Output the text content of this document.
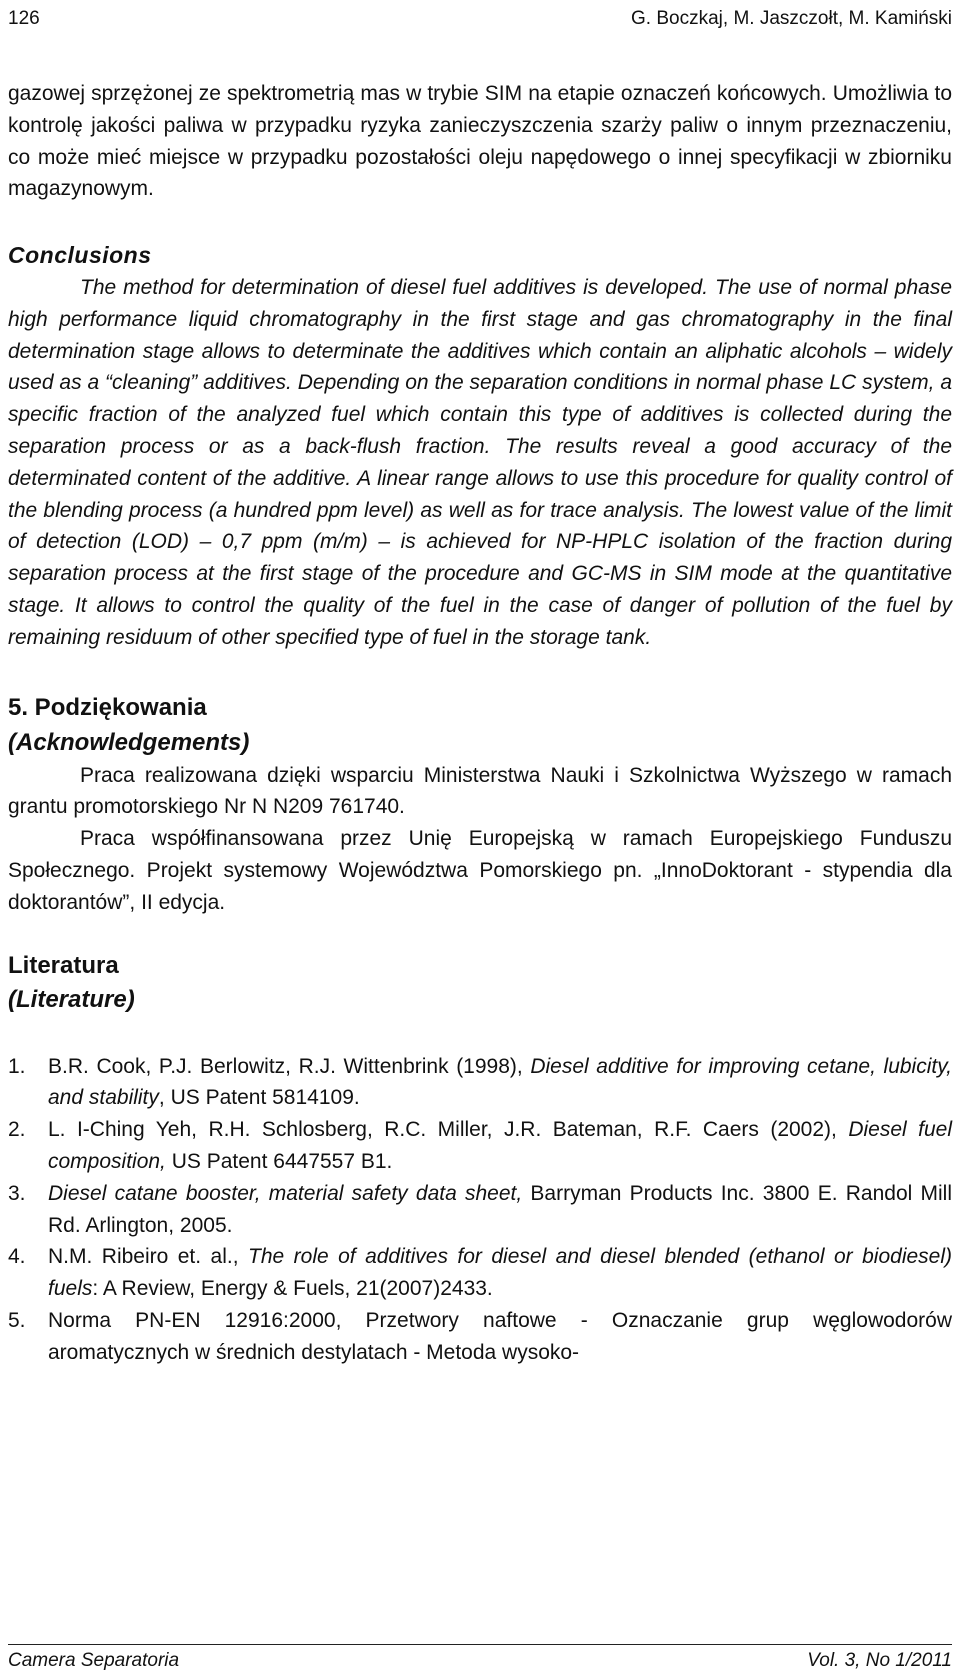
126	G. Boczkaj, M. Jaszczołt, M. Kamiński

gazowej sprzężonej ze spektrometrią mas w trybie SIM na etapie oznaczeń końcowych. Umożliwia to kontrolę jakości paliwa w przypadku ryzyka zanieczyszczenia szarży paliw o innym przeznaczeniu, co może mieć miejsce w przypadku pozostałości oleju napędowego o innej specyfikacji w zbiorniku magazynowym.

Conclusions

The method for determination of diesel fuel additives is developed. The use of normal phase high performance liquid chromatography in the first stage and gas chromatography in the final determination stage allows to determinate the additives which contain an aliphatic alcohols – widely used as a “cleaning” additives. Depending on the separation conditions in normal phase LC system, a specific fraction of the analyzed fuel which contain this type of additives is collected during the separation process or as a back-flush fraction. The results reveal a good accuracy of the determinated content of the additive. A linear range allows to use this procedure for quality control of the blending process (a hundred ppm level) as well as for trace analysis. The lowest value of the limit of detection (LOD) – 0,7 ppm (m/m) – is achieved for NP-HPLC isolation of the fraction during separation process at the first stage of the procedure and GC-MS in SIM mode at the quantitative stage. It allows to control the quality of the fuel in the case of danger of pollution of the fuel by remaining residuum of other specified type of fuel in the storage tank.

5. Podziękowania
(Acknowledgements)

Praca realizowana dzięki wsparciu Ministerstwa Nauki i Szkolnictwa Wyższego w ramach grantu promotorskiego Nr N N209 761740.

Praca współfinansowana przez Unię Europejską w ramach Europejskiego Funduszu Społecznego. Projekt systemowy Województwa Pomorskiego pn. „InnoDoktorant - stypendia dla doktorantów”, II edycja.

Literatura
(Literature)
1. B.R. Cook, P.J. Berlowitz, R.J. Wittenbrink (1998), Diesel additive for improving cetane, lubicity, and stability, US Patent 5814109.
2. L. I-Ching Yeh, R.H. Schlosberg, R.C. Miller, J.R. Bateman, R.F. Caers (2002), Diesel fuel composition, US Patent 6447557 B1.
3. Diesel catane booster, material safety data sheet, Barryman Products Inc. 3800 E. Randol Mill Rd. Arlington, 2005.
4. N.M. Ribeiro et. al., The role of additives for diesel and diesel blended (ethanol or biodiesel) fuels: A Review, Energy & Fuels, 21(2007)2433.
5. Norma PN-EN 12916:2000, Przetwory naftowe - Oznaczanie grup węglowodorów aromatycznych w średnich destylatach - Metoda wysoko-
Camera Separatoria	Vol. 3, No 1/2011
